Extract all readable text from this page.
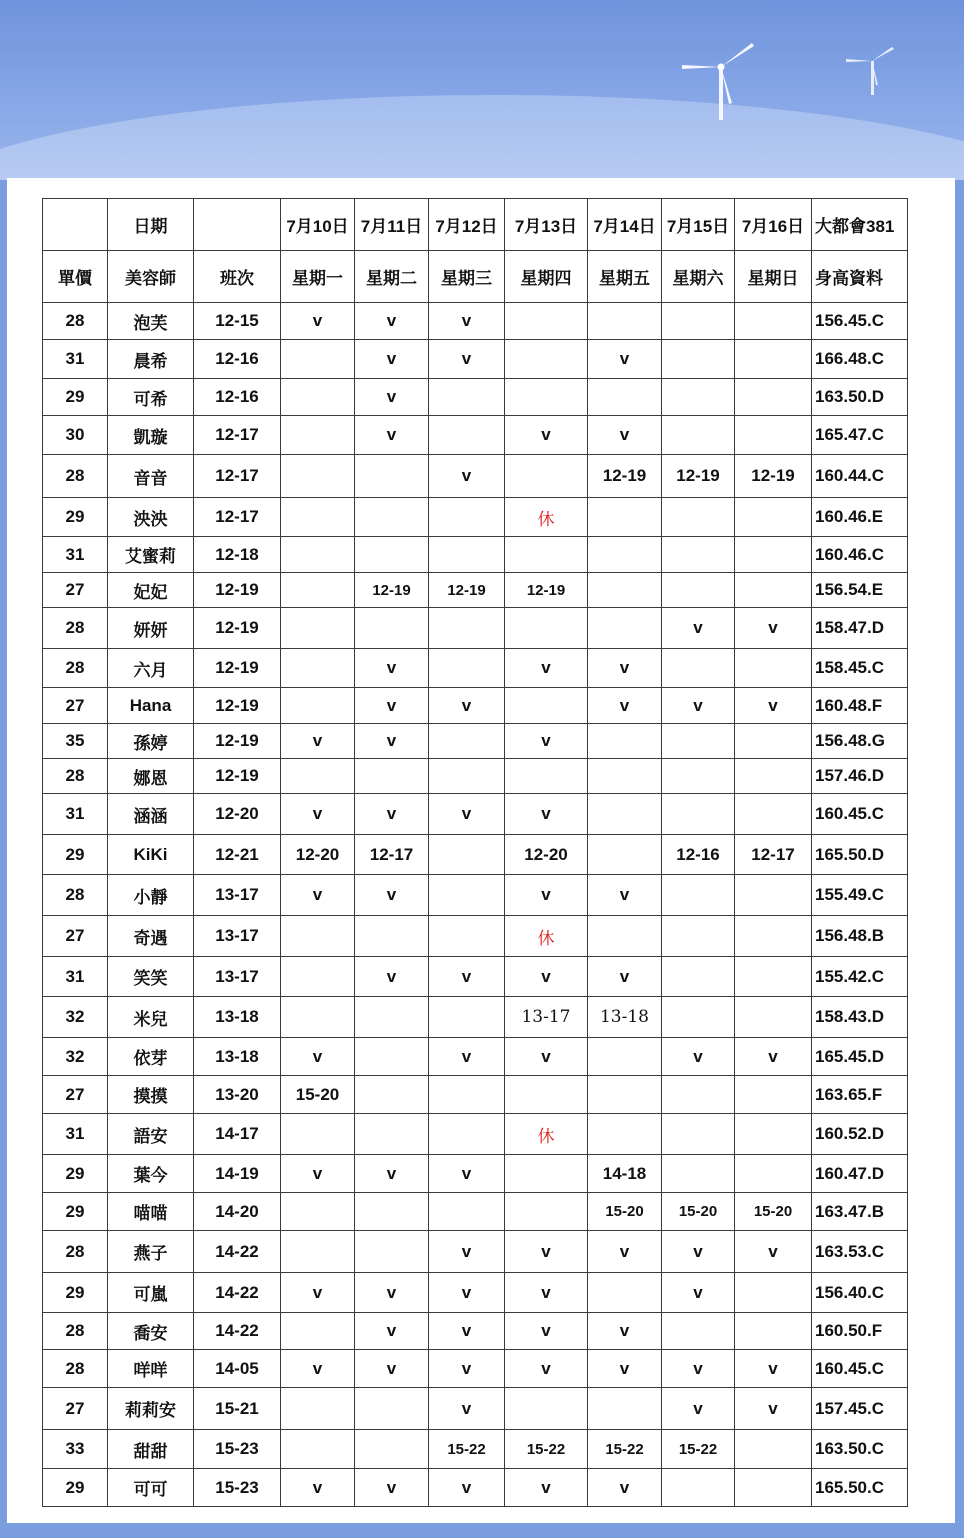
	日期		7月10日	7月11日	7月12日	7月13日	7月14日	7月15日	7月16日	大都會381
單價	美容師	班次	星期一	星期二	星期三	星期四	星期五	星期六	星期日	身高資料
28	泡芙	12-15	v	v	v					156.45.C
31	晨希	12-16		v	v		v			166.48.C
29	可希	12-16		v						163.50.D
30	凱璇	12-17		v		v	v			165.47.C
28	音音	12-17			v		12-19	12-19	12-19	160.44.C
29	泱泱	12-17				休				160.46.E
31	艾蜜莉	12-18								160.46.C
27	妃妃	12-19		12-19	12-19	12-19				156.54.E
28	妍妍	12-19						v	v	158.47.D
28	六月	12-19		v		v	v			158.45.C
27	Hana	12-19		v	v		v	v	v	160.48.F
35	孫婷	12-19	v	v		v				156.48.G
28	娜恩	12-19								157.46.D
31	涵涵	12-20	v	v	v	v				160.45.C
29	KiKi	12-21	12-20	12-17		12-20		12-16	12-17	165.50.D
28	小靜	13-17	v	v		v	v			155.49.C
27	奇遇	13-17				休				156.48.B
31	笑笑	13-17		v	v	v	v			155.42.C
32	米兒	13-18				13-17	13-18			158.43.D
32	依芽	13-18	v		v	v		v	v	165.45.D
27	摸摸	13-20	15-20							163.65.F
31	語安	14-17				休				160.52.D
29	葉今	14-19	v	v	v		14-18			160.47.D
29	喵喵	14-20					15-20	15-20	15-20	163.47.B
28	燕子	14-22			v	v	v	v	v	163.53.C
29	可嵐	14-22	v	v	v	v		v		156.40.C
28	喬安	14-22		v	v	v	v			160.50.F
28	咩咩	14-05	v	v	v	v	v	v	v	160.45.C
27	莉莉安	15-21			v			v	v	157.45.C
33	甜甜	15-23			15-22	15-22	15-22	15-22		163.50.C
29	可可	15-23	v	v	v	v	v			165.50.C
